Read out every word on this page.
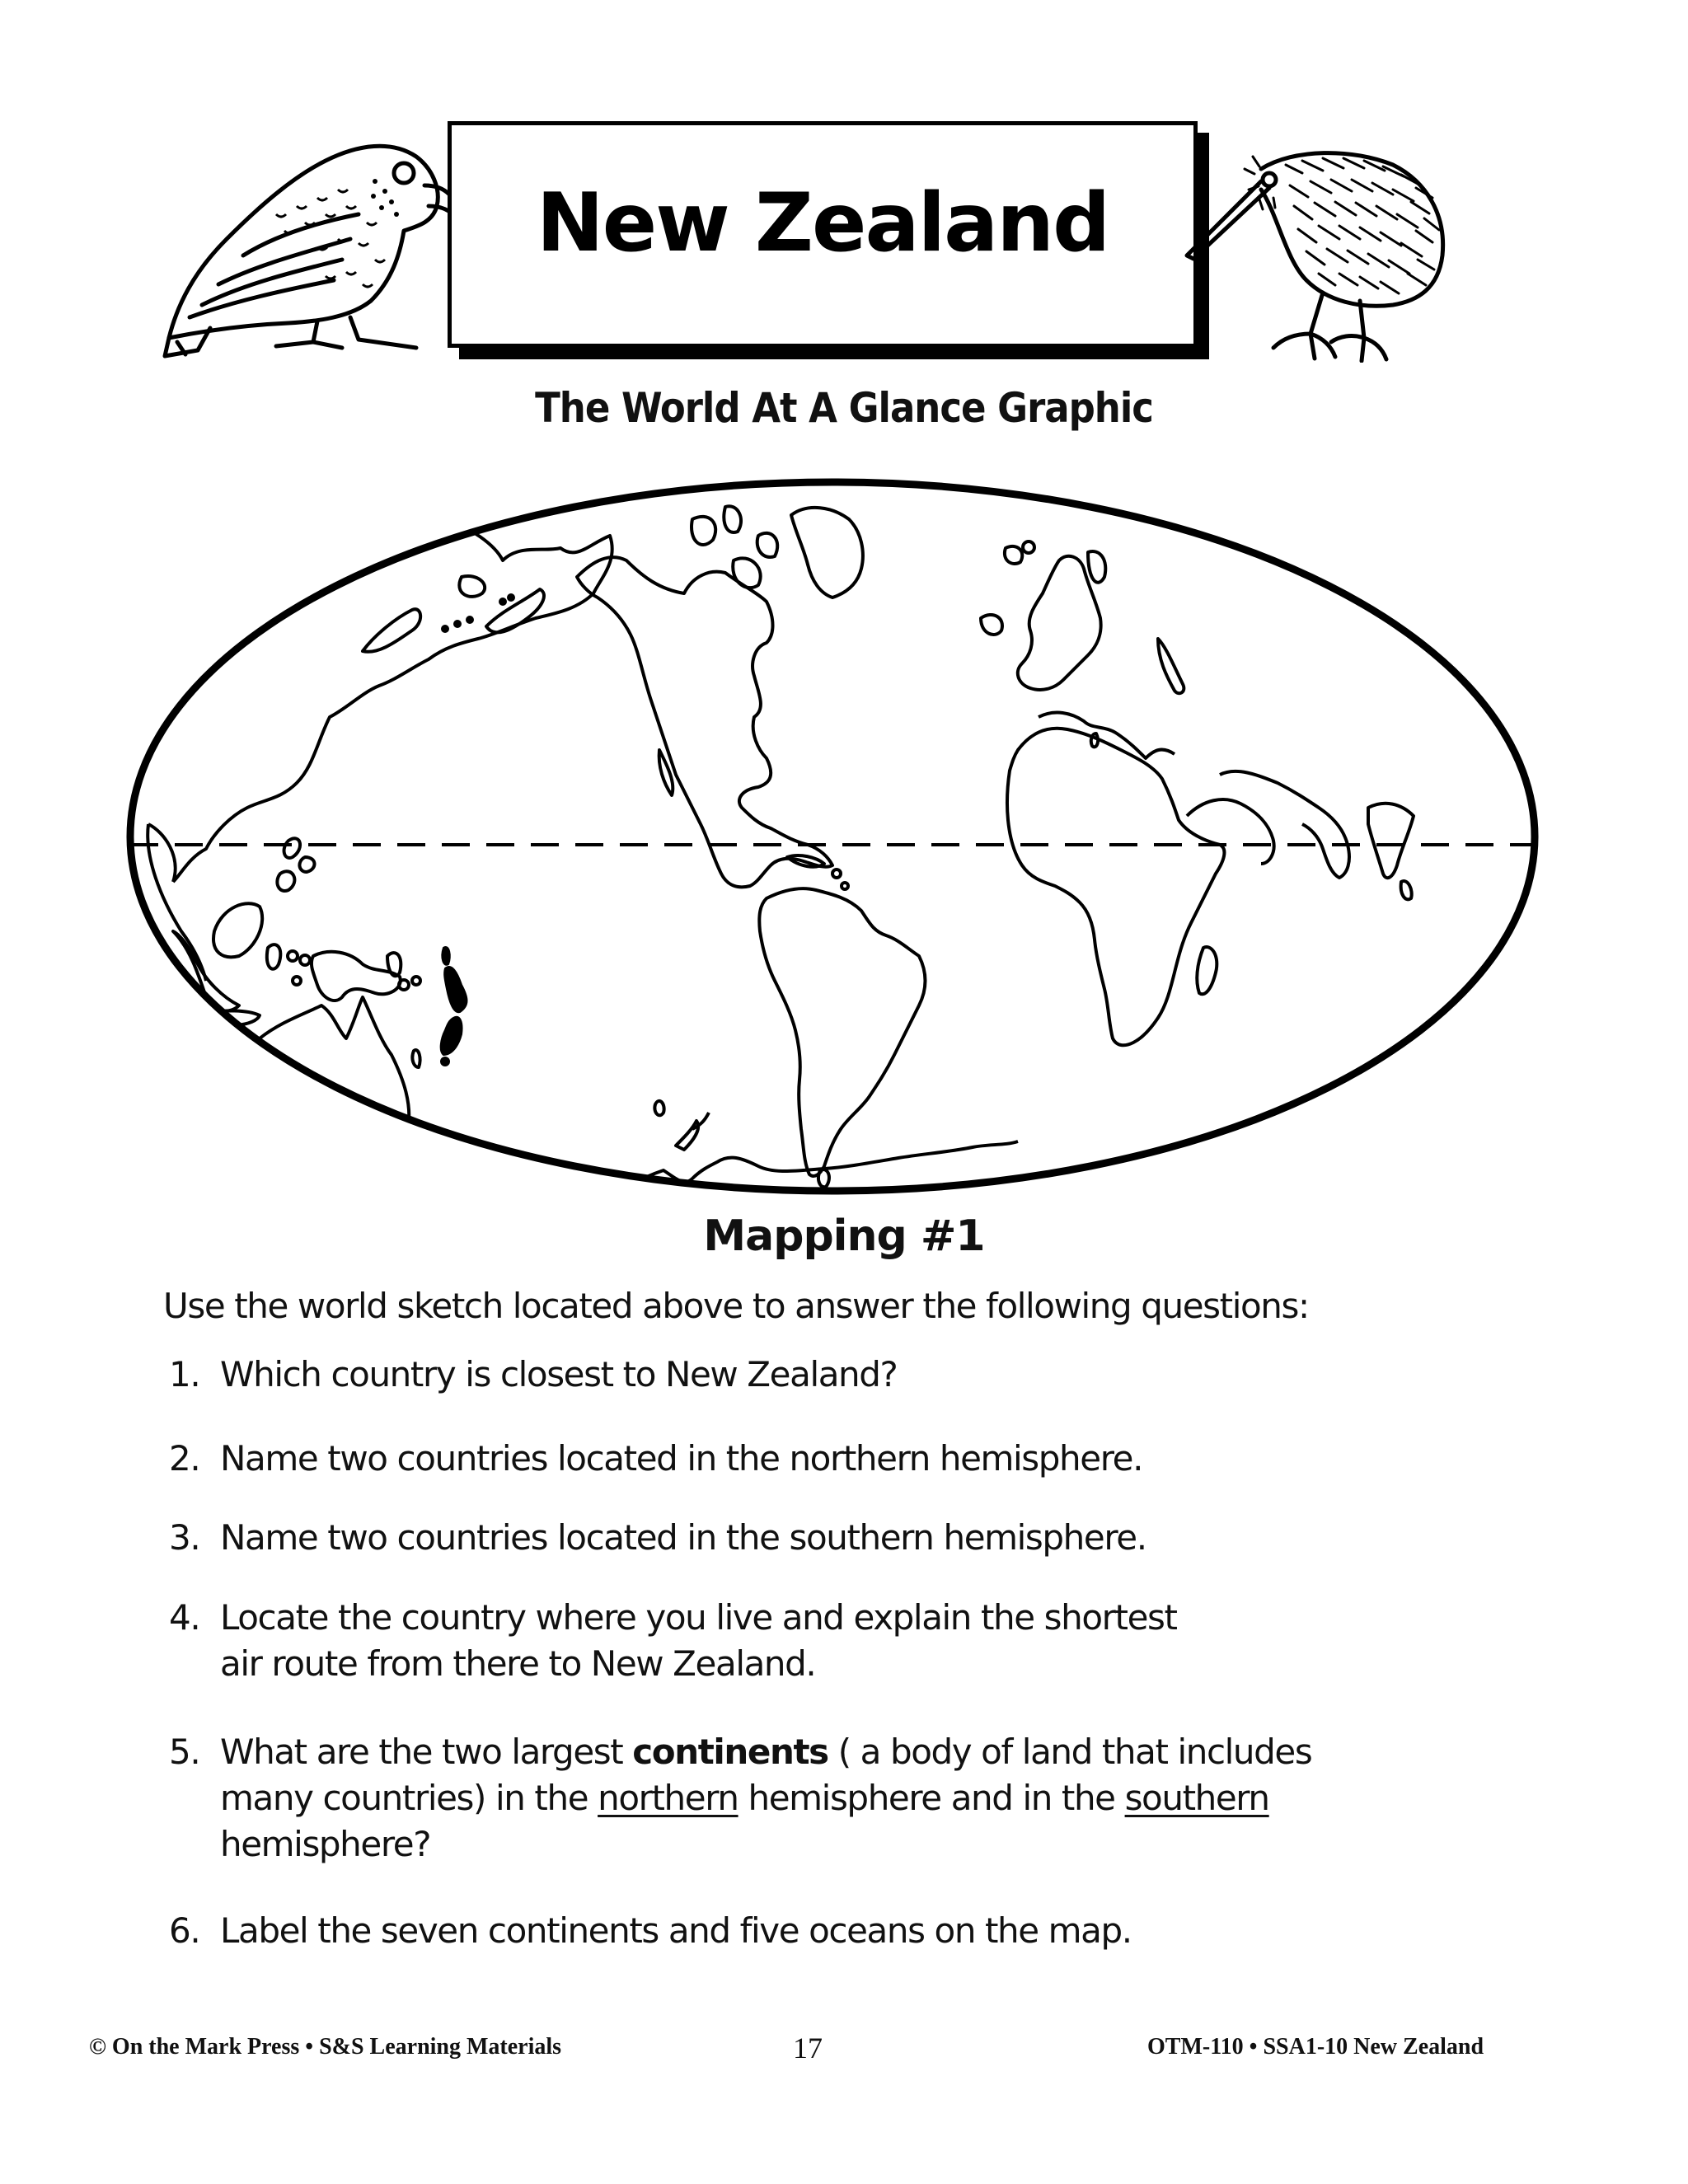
New Zealand
The World At A Glance Graphic
Mapping #1
Use the world sketch located above to answer the following questions:
1. Which country is closest to New Zealand?
2. Name two countries located in the northern hemisphere.
3. Name two countries located in the southern hemisphere.
4. Locate the country where you live and explain the shortest
air route from there to New Zealand.
5. What are the two largest continents ( a body of land that includes
many countries) in the northern hemisphere and in the southern
hemisphere?
6. Label the seven continents and five oceans on the map.
© On the Mark Press • S&S Learning Materials	17	OTM-110 • SSA1-10 New Zealand
